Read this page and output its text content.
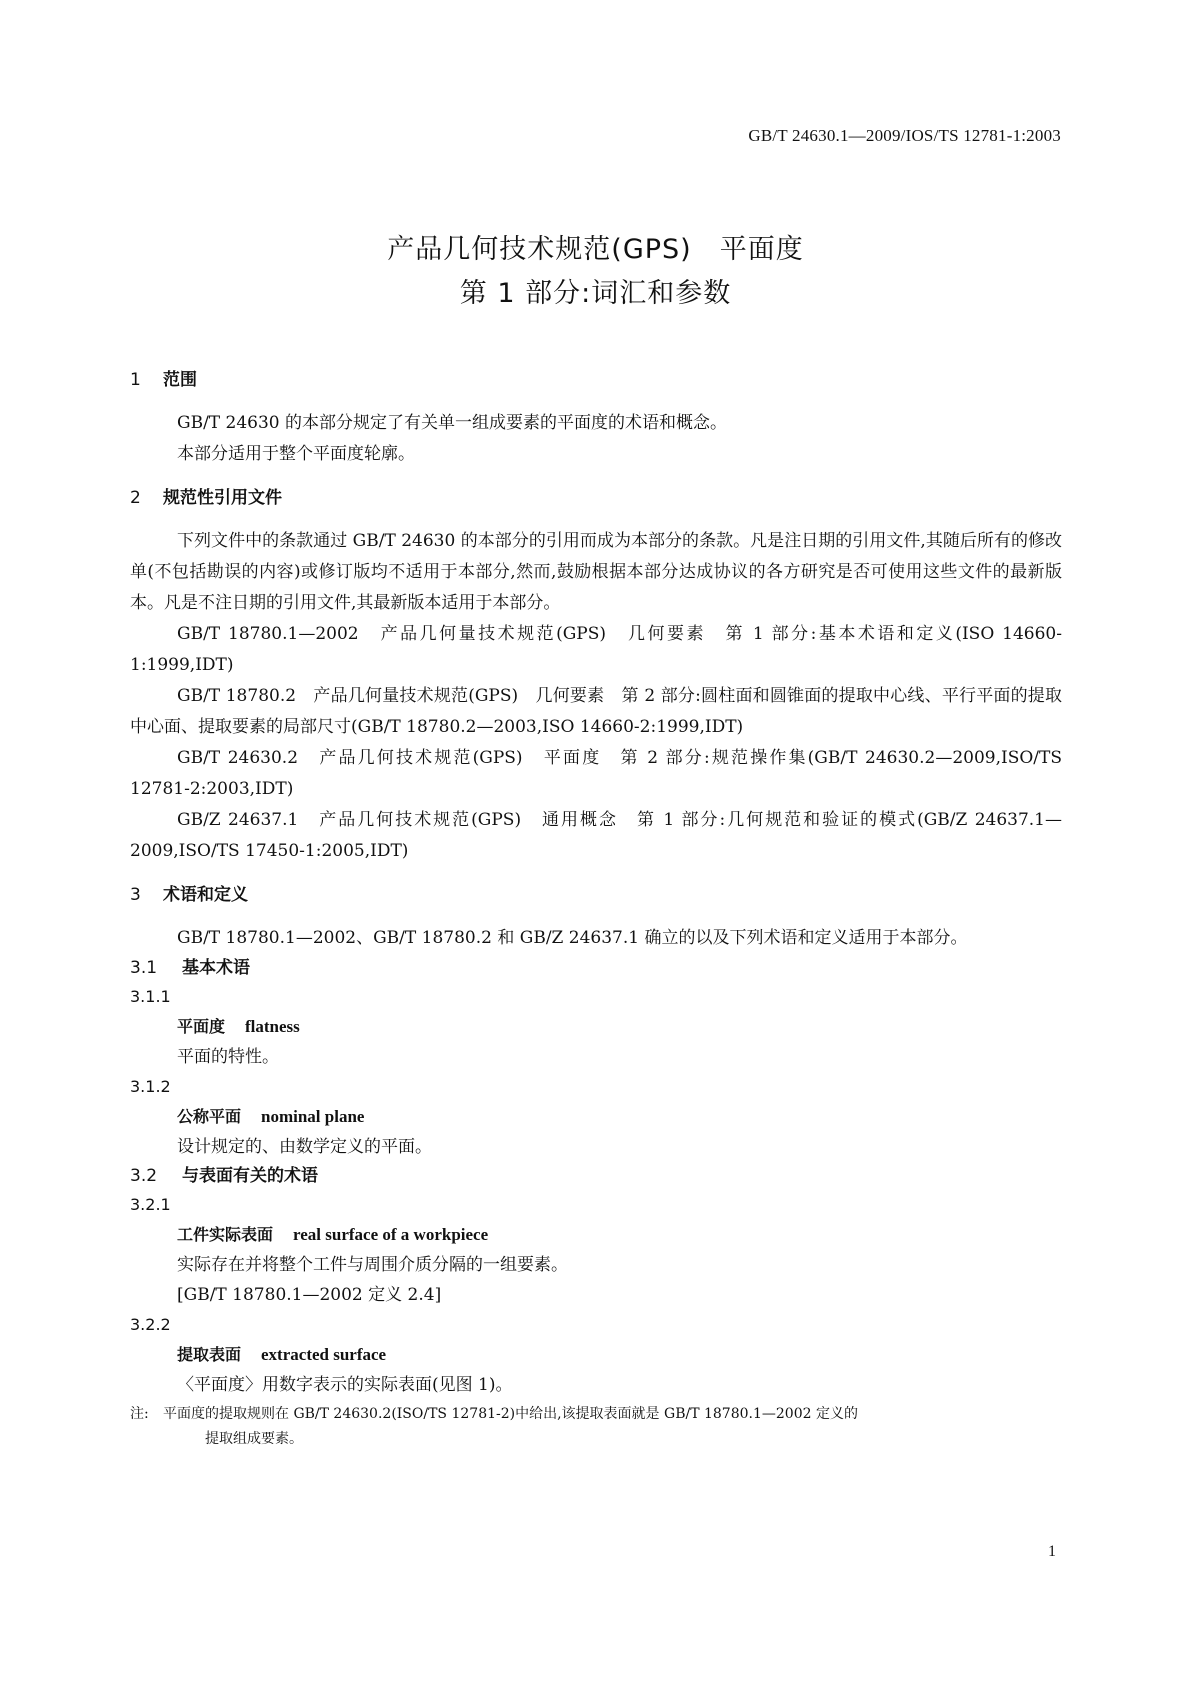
GB/T 24630.1—2009/IOS/TS 12781-1:2003
产品几何技术规范(GPS)　平面度
第 1 部分:词汇和参数
1 范围

GB/T 24630 的本部分规定了有关单一组成要素的平面度的术语和概念。

本部分适用于整个平面度轮廓。

2 规范性引用文件

下列文件中的条款通过 GB/T 24630 的本部分的引用而成为本部分的条款。凡是注日期的引用文件,其随后所有的修改单(不包括勘误的内容)或修订版均不适用于本部分,然而,鼓励根据本部分达成协议的各方研究是否可使用这些文件的最新版本。凡是不注日期的引用文件,其最新版本适用于本部分。

GB/T 18780.1—2002　产品几何量技术规范(GPS)　几何要素　第 1 部分:基本术语和定义(ISO 14660-1:1999,IDT)

GB/T 18780.2　产品几何量技术规范(GPS)　几何要素　第 2 部分:圆柱面和圆锥面的提取中心线、平行平面的提取中心面、提取要素的局部尺寸(GB/T 18780.2—2003,ISO 14660-2:1999,IDT)

GB/T 24630.2　产品几何技术规范(GPS)　平面度　第 2 部分:规范操作集(GB/T 24630.2—2009,ISO/TS 12781-2:2003,IDT)

GB/Z 24637.1　产品几何技术规范(GPS)　通用概念　第 1 部分:几何规范和验证的模式(GB/Z 24637.1—2009,ISO/TS 17450-1:2005,IDT)

3 术语和定义

GB/T 18780.1—2002、GB/T 18780.2 和 GB/Z 24637.1 确立的以及下列术语和定义适用于本部分。

3.1 基本术语
3.1.1
平面度 flatness

平面的特性。

3.1.2
公称平面 nominal plane

设计规定的、由数学定义的平面。

3.2 与表面有关的术语
3.2.1
工件实际表面 real surface of a workpiece

实际存在并将整个工件与周围介质分隔的一组要素。

[GB/T 18780.1—2002 定义 2.4]

3.2.2
提取表面 extracted surface

〈平面度〉用数字表示的实际表面(见图 1)。

注: 平面度的提取规则在 GB/T 24630.2(ISO/TS 12781-2)中给出,该提取表面就是 GB/T 18780.1—2002 定义的
提取组成要素。
1
